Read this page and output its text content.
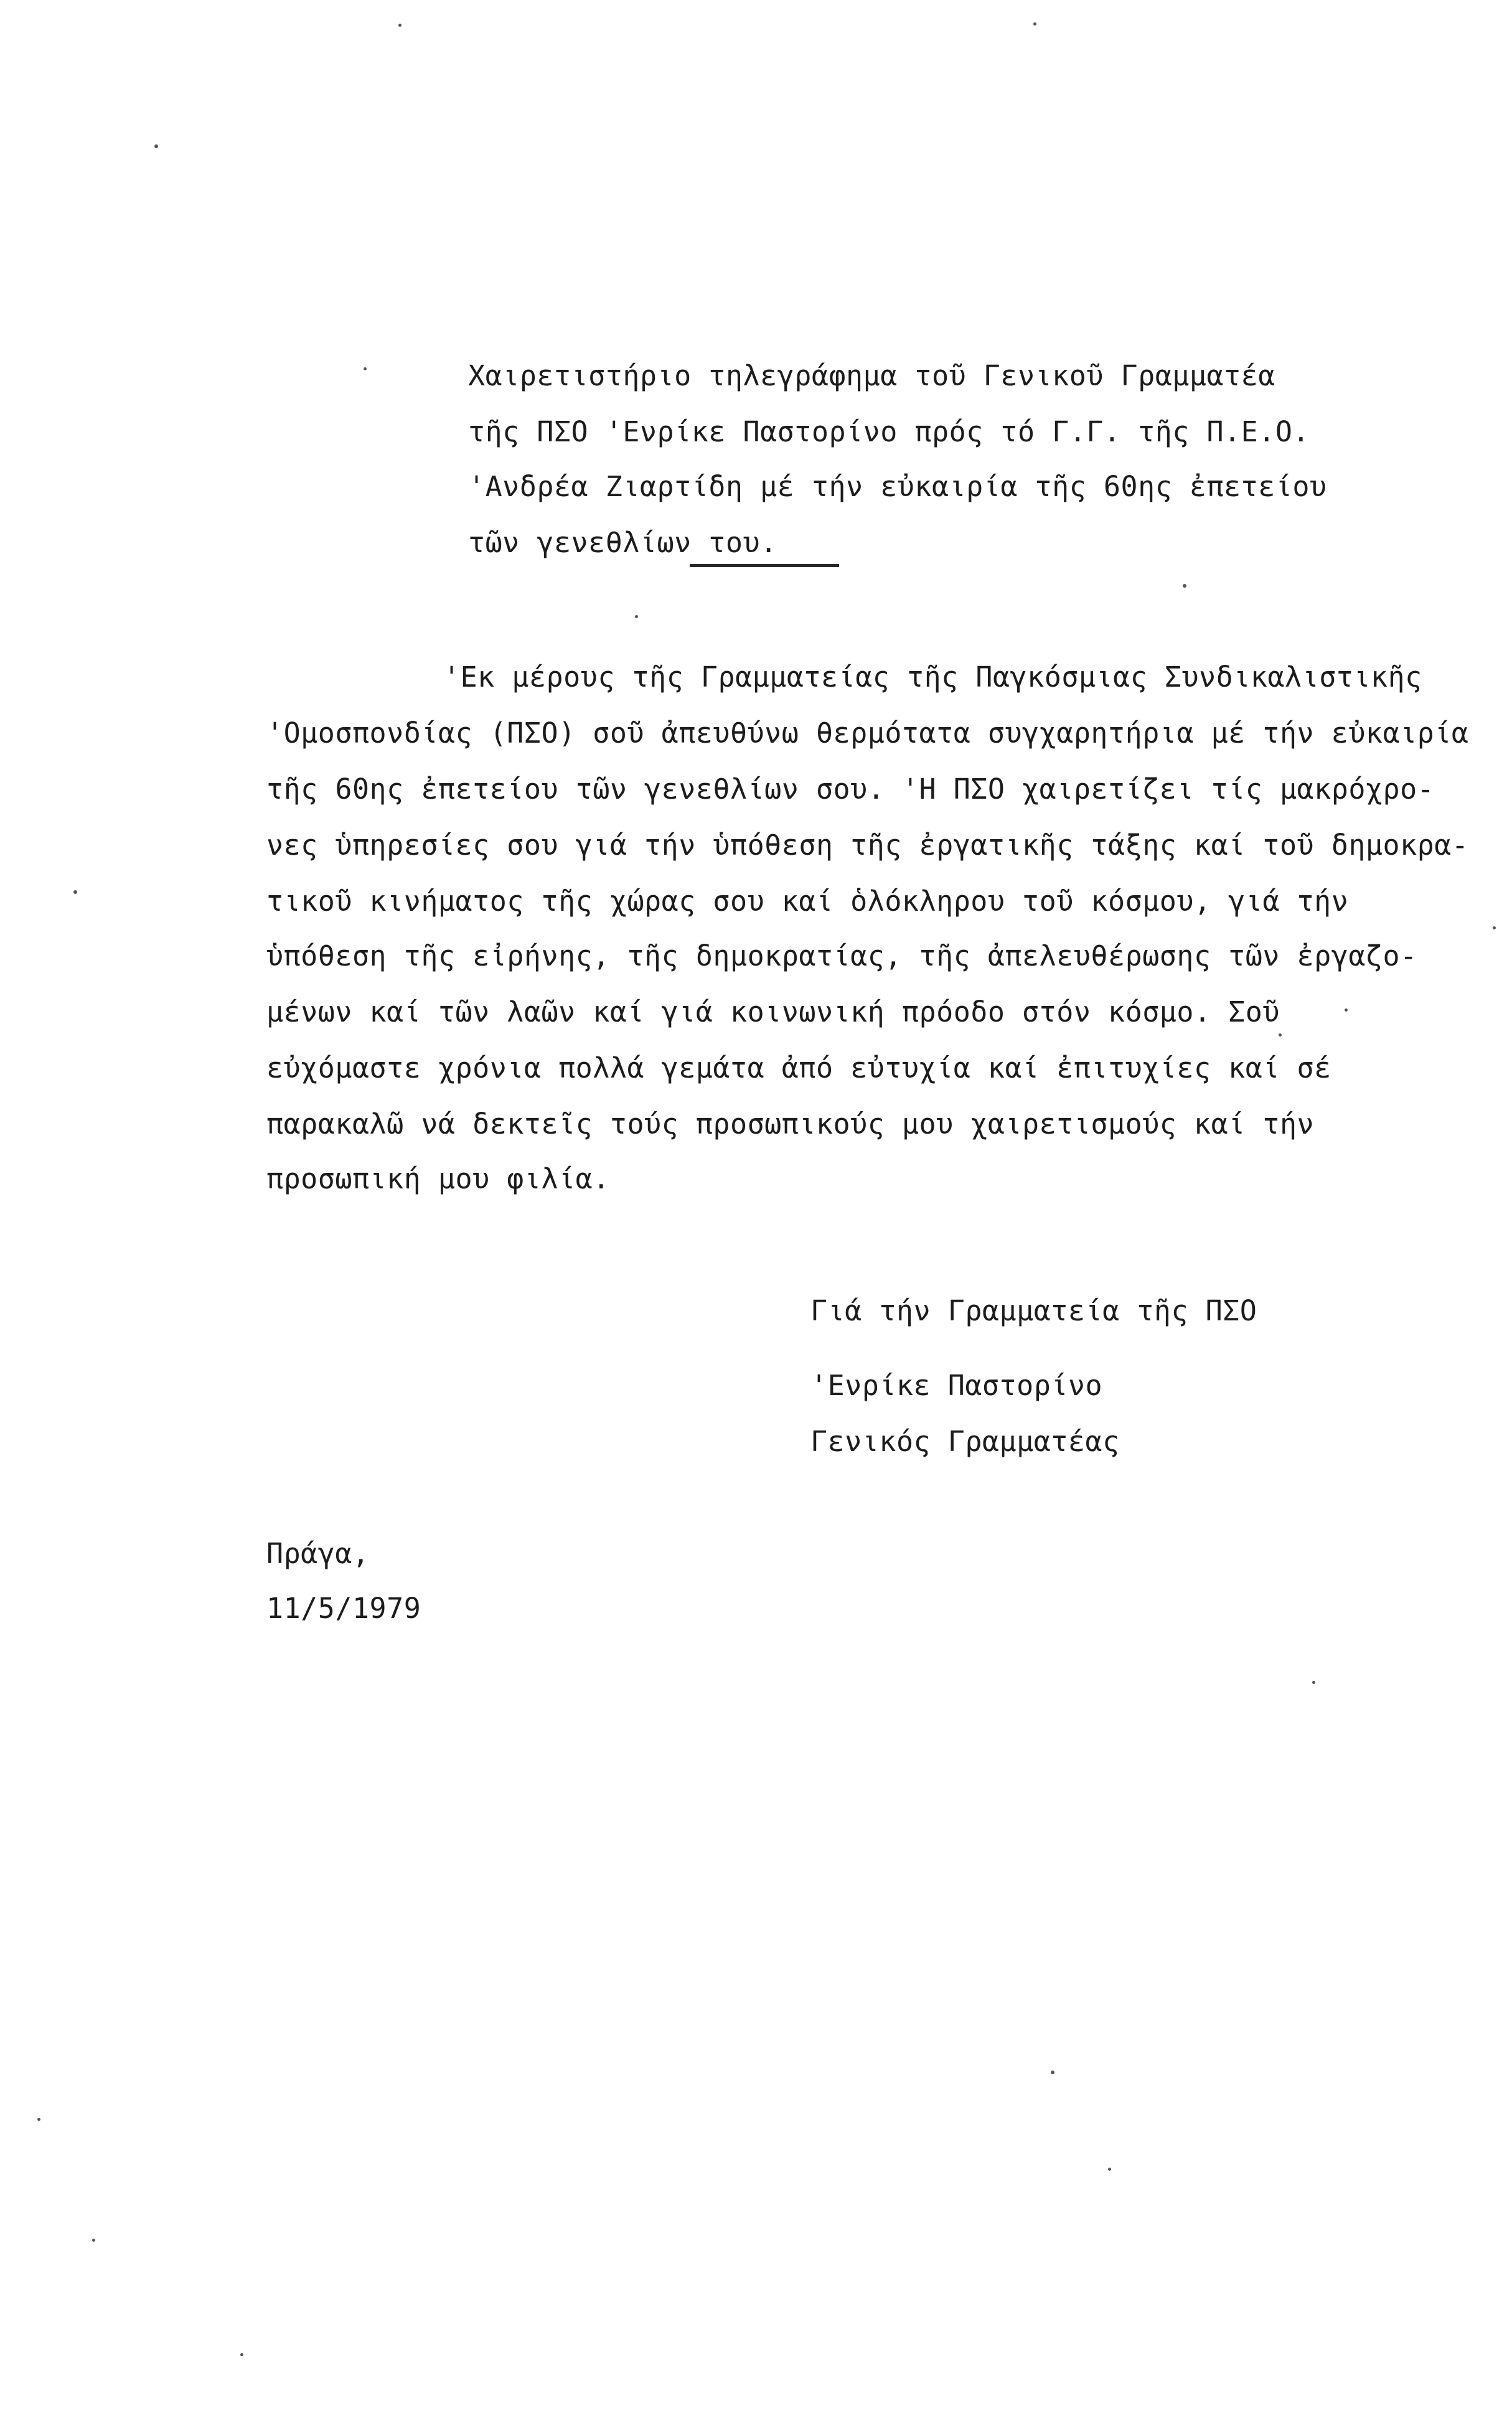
Χαιρετιστήριο τηλεγράφημα τοῦ Γενικοῦ Γραμματέα
τῆς ΠΣΟ 'Ενρίκε Παστορίνο πρός τό Γ.Γ. τῆς Π.Ε.Ο.
'Ανδρέα Ζιαρτίδη μέ τήν εὐκαιρία τῆς 60ης ἐπετείου
τῶν γενεθλίων του.
'Εκ μέρους τῆς Γραμματείας τῆς Παγκόσμιας Συνδικαλιστικῆς
'Ομοσπονδίας (ΠΣΟ) σοῦ ἀπευθύνω θερμότατα συγχαρητήρια μέ τήν εὐκαιρία
τῆς 60ης ἐπετείου τῶν γενεθλίων σου. 'Η ΠΣΟ χαιρετίζει τίς μακρόχρο-
νες ὑπηρεσίες σου γιά τήν ὑπόθεση τῆς ἐργατικῆς τάξης καί τοῦ δημοκρα-
τικοῦ κινήματος τῆς χώρας σου καί ὁλόκληρου τοῦ κόσμου, γιά τήν
ὑπόθεση τῆς εἰρήνης, τῆς δημοκρατίας, τῆς ἀπελευθέρωσης τῶν ἐργαζο-
μένων καί τῶν λαῶν καί γιά κοινωνική πρόοδο στόν κόσμο. Σοῦ
εὐχόμαστε χρόνια πολλά γεμάτα ἀπό εὐτυχία καί ἐπιτυχίες καί σέ
παρακαλῶ νά δεκτεῖς τούς προσωπικούς μου χαιρετισμούς καί τήν
προσωπική μου φιλία.
Γιά τήν Γραμματεία τῆς ΠΣΟ
'Ενρίκε Παστορίνο
Γενικός Γραμματέας
Πράγα,
11/5/1979
